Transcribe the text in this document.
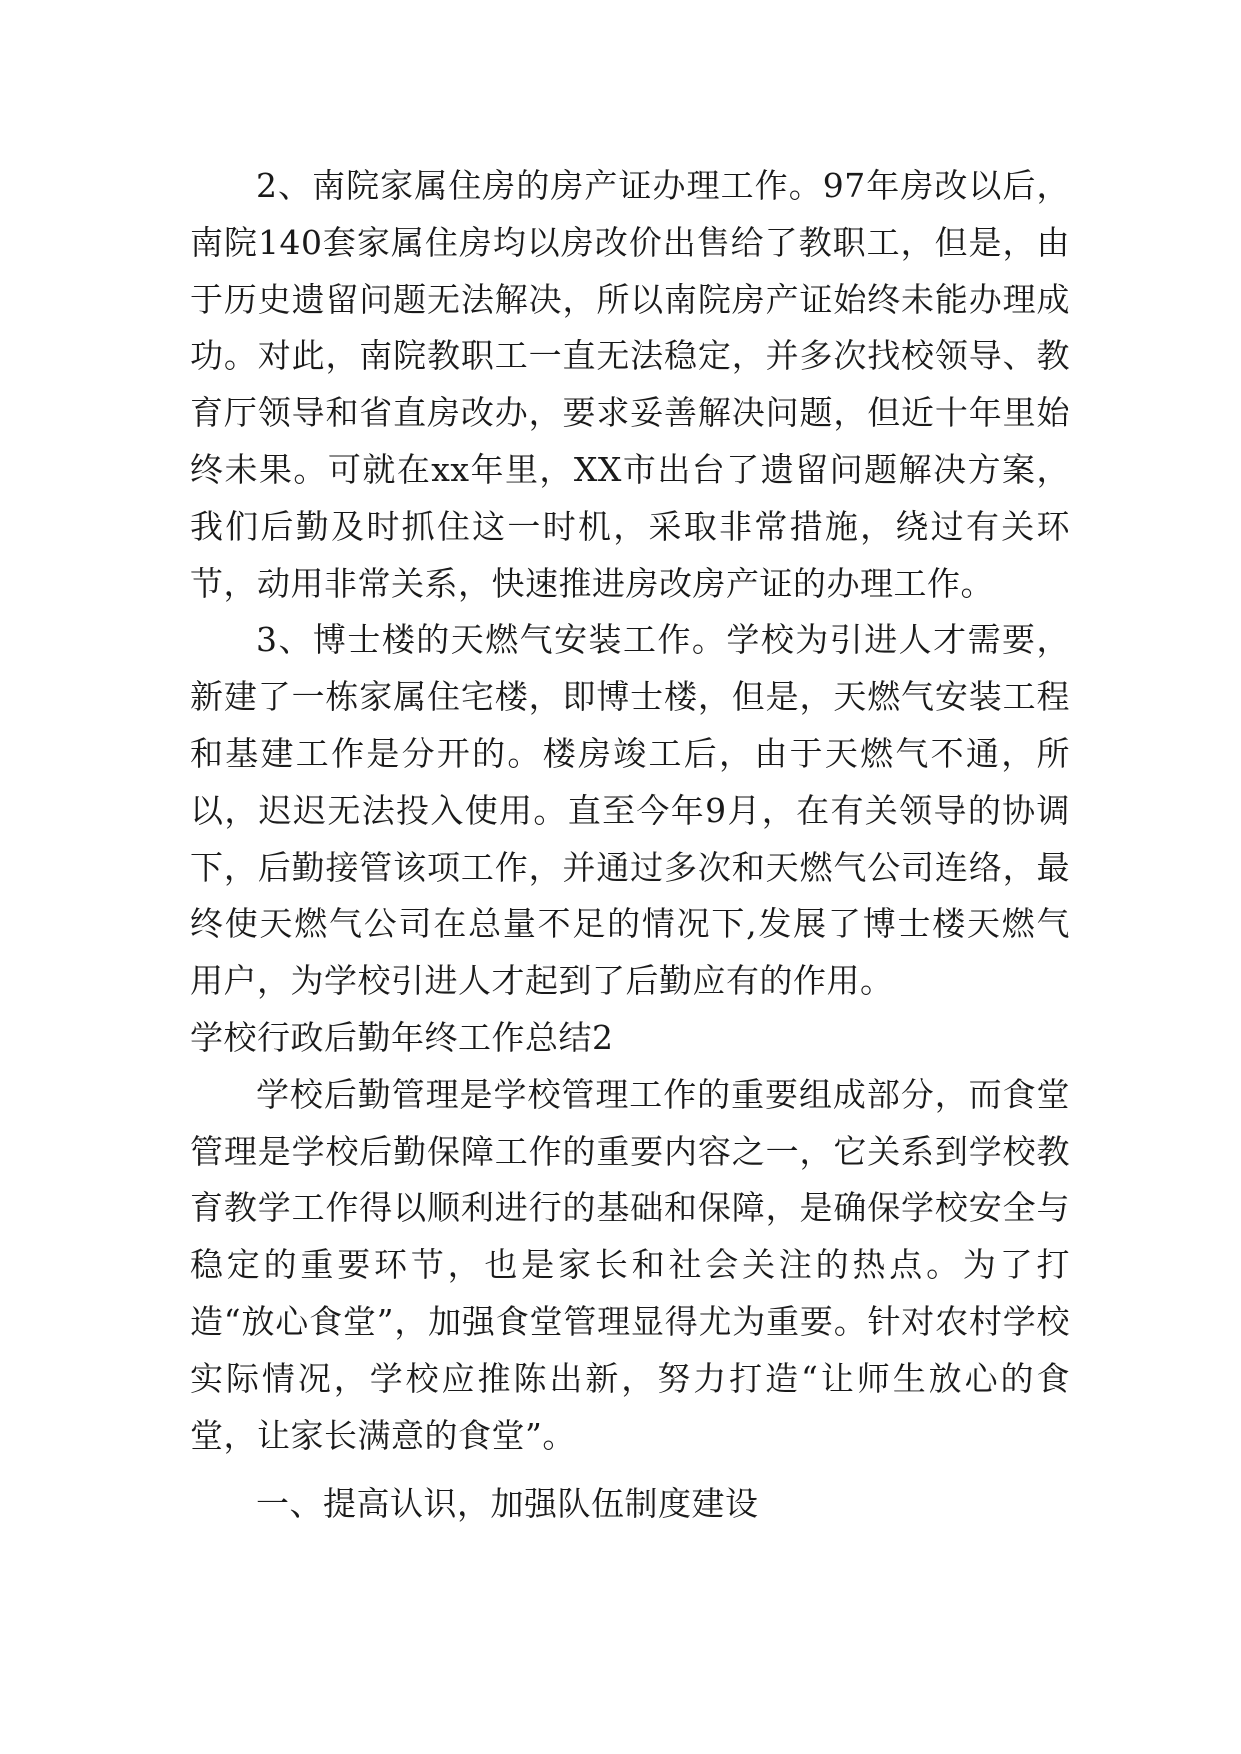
2、南院家属住房的房产证办理工作。97年房改以后，南院140套家属住房均以房改价出售给了教职工，但是，由于历史遗留问题无法解决，所以南院房产证始终未能办理成功。对此，南院教职工一直无法稳定，并多次找校领导、教育厅领导和省直房改办，要求妥善解决问题，但近十年里始终未果。可就在xx年里，XX市出台了遗留问题解决方案，我们后勤及时抓住这一时机，采取非常措施，绕过有关环节，动用非常关系，快速推进房改房产证的办理工作。

3、博士楼的天燃气安装工作。学校为引进人才需要，新建了一栋家属住宅楼，即博士楼，但是，天燃气安装工程和基建工作是分开的。楼房竣工后，由于天燃气不通，所以，迟迟无法投入使用。直至今年9月，在有关领导的协调下，后勤接管该项工作，并通过多次和天燃气公司连络，最终使天燃气公司在总量不足的情况下,发展了博士楼天燃气用户，为学校引进人才起到了后勤应有的作用。

学校行政后勤年终工作总结2

学校后勤管理是学校管理工作的重要组成部分，而食堂管理是学校后勤保障工作的重要内容之一，它关系到学校教育教学工作得以顺利进行的基础和保障，是确保学校安全与稳定的重要环节，也是家长和社会关注的热点。为了打造“放心食堂”，加强食堂管理显得尤为重要。针对农村学校实际情况，学校应推陈出新，努力打造“让师生放心的食堂，让家长满意的食堂”。

一、提高认识，加强队伍制度建设
